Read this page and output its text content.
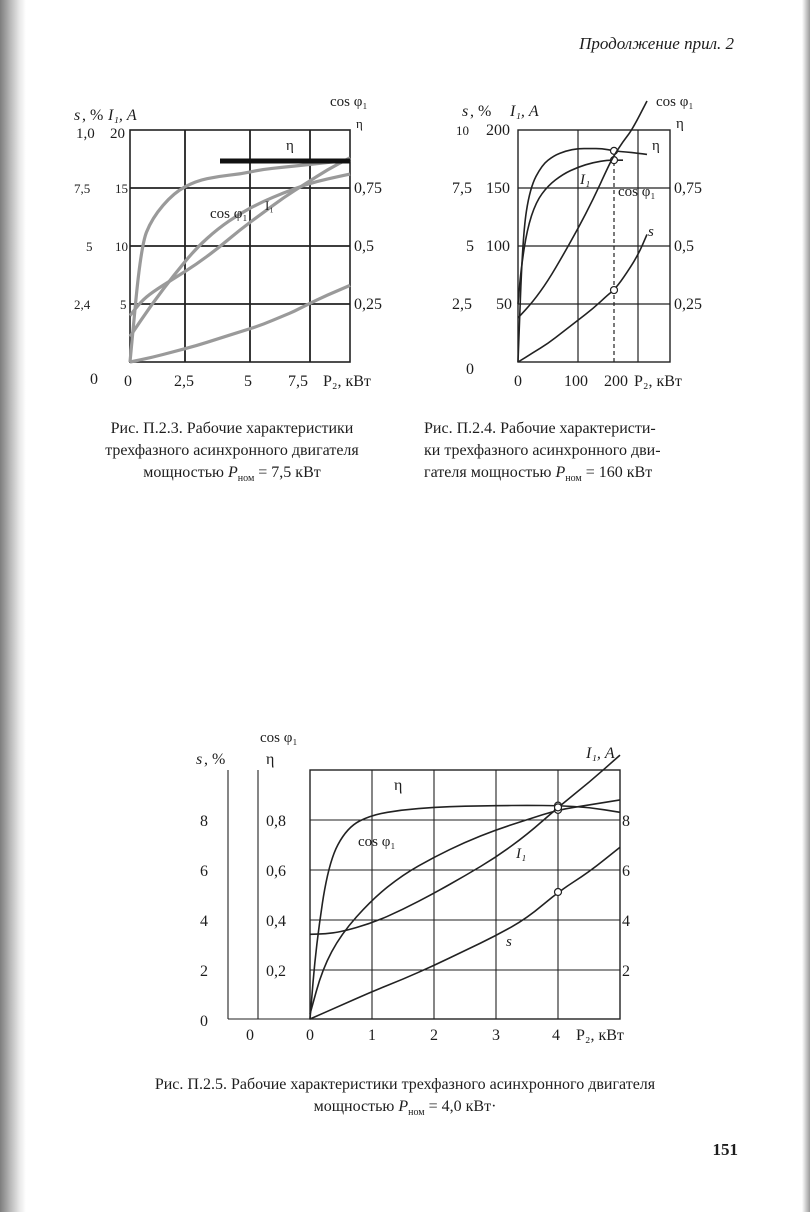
Продолжение прил. 2
s , % I₁, А
cos φ₁
η
1,0 20
7,5 15
5 10
2,4 5
0 0	2,5	5 7,5 P₂, кВт
0,75
0,5
0,25
η
cos φ₁
I₁
Рис. П.2.3. Рабочие характеристики
трехфазного асинхронного двигателя
мощностью $P_{ном} = 7,5$ кВт
s , % I₁, А
cos φ₁
η
10 200
7,5 150
5 100
2,5 50
0
0	100 200 P₂, кВт
0,75
0,5
0,25
η
I₁
cos φ₁
s
Рис. П.2.4. Рабочие характеристи-
ки трехфазного асинхронного дви-
гателя мощностью $P_{ном} = 160$ кВт
s , %
cos φ₁
η	I₁, А
8
6
4
2
0
0,8
0,6
0,4
0,2
0	0	1	2	3	4 P₂, кВт
8
6
4
2
η
cos φ₁
I₁
s
Рис. П.2.5. Рабочие характеристики трехфазного асинхронного двигателя
мощностью $P_{ном} = 4,0$ кВт·
151
